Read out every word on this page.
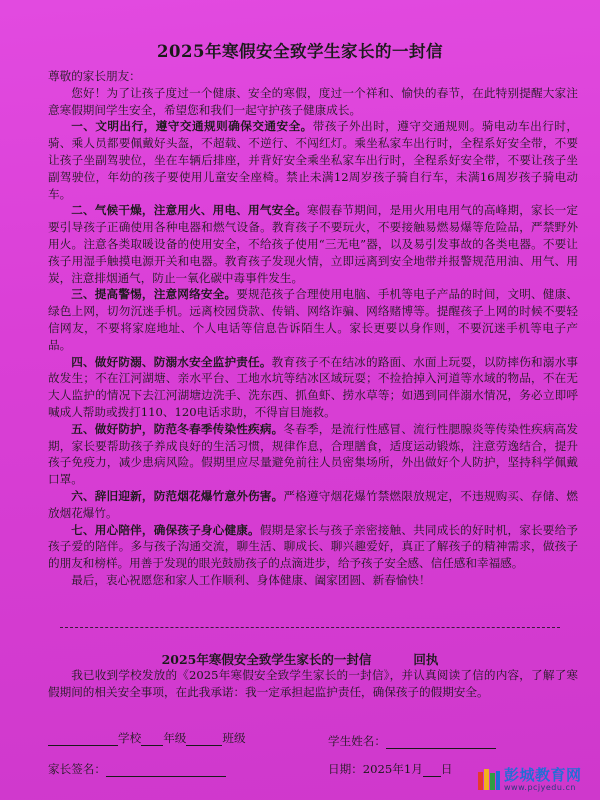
2025年寒假安全致学生家长的一封信

尊敬的家长朋友：

您好！为了让孩子度过一个健康、安全的寒假，度过一个祥和、愉快的春节，在此特别提醒大家注意寒假期间学生安全，希望您和我们一起守护孩子健康成长。

一、文明出行，遵守交通规则确保交通安全。带孩子外出时，遵守交通规则。骑电动车出行时，骑、乘人员都要佩戴好头盔，不超载、不逆行、不闯红灯。乘坐私家车出行时，全程系好安全带，不要让孩子坐副驾驶位，坐在车辆后排座，并背好安全乘坐私家车出行时，全程系好安全带，不要让孩子坐副驾驶位，年幼的孩子要使用儿童安全座椅。禁止未满12周岁孩子骑自行车，未满16周岁孩子骑电动车。

二、气候干燥，注意用火、用电、用气安全。寒假春节期间，是用火用电用气的高峰期，家长一定要引导孩子正确使用各种电器和燃气设备。教育孩子不要玩火，不要接触易燃易爆等危险品，严禁野外用火。注意各类取暖设备的使用安全，不给孩子使用“三无电”器，以及易引发事故的各类电器。不要让孩子用湿手触摸电源开关和电器。教育孩子发现火情，立即远离到安全地带并报警规范用油、用气、用炭，注意排烟通气，防止一氧化碳中毒事件发生。

三、提高警惕，注意网络安全。要规范孩子合理使用电脑、手机等电子产品的时间，文明、健康、绿色上网，切勿沉迷手机。远离校园贷款、传销、网络诈骗、网络赌博等。提醒孩子上网的时候不要轻信网友，不要将家庭地址、个人电话等信息告诉陌生人。家长更要以身作则，不要沉迷手机等电子产品。

四、做好防溺、防溺水安全监护责任。教育孩子不在结冰的路面、水面上玩耍，以防摔伤和溺水事故发生；不在江河湖塘、亲水平台、工地水坑等结冰区域玩耍；不捡拾掉入河道等水域的物品，不在无大人监护的情况下去江河湖塘边洗手、洗东西、抓鱼虾、捞水草等；如遇到同伴溺水情况，务必立即呼喊成人帮助或拨打110、120电话求助，不得盲目施救。

五、做好防护，防范冬春季传染性疾病。冬春季，是流行性感冒、流行性腮腺炎等传染性疾病高发期，家长要帮助孩子养成良好的生活习惯，规律作息，合理膳食，适度运动锻炼，注意劳逸结合，提升孩子免疫力，减少患病风险。假期里应尽量避免前往人员密集场所，外出做好个人防护，坚持科学佩戴口罩。

六、辞旧迎新，防范烟花爆竹意外伤害。严格遵守烟花爆竹禁燃限放规定，不违规购买、存储、燃放烟花爆竹。

七、用心陪伴，确保孩子身心健康。假期是家长与孩子亲密接触、共同成长的好时机，家长要给予孩子爱的陪伴。多与孩子沟通交流，聊生活、聊成长、聊兴趣爱好，真正了解孩子的精神需求，做孩子的朋友和榜样。用善于发现的眼光鼓励孩子的点滴进步，给予孩子安全感、信任感和幸福感。

最后，衷心祝愿您和家人工作顺利、身体健康、阖家团圆、新春愉快！

2025年寒假安全致学生家长的一封信	回执
我已收到学校发放的《2025年寒假安全致学生家长的一封信》，并认真阅读了信的内容，了解了寒假期间的相关安全事项，在此我承诺：我一定承担起监护责任，确保孩子的假期安全。
学校 年级	班级	学生姓名：
家长签名：	日期：2025年1月 日	彭城教育网
www.pcjyedu.cn
